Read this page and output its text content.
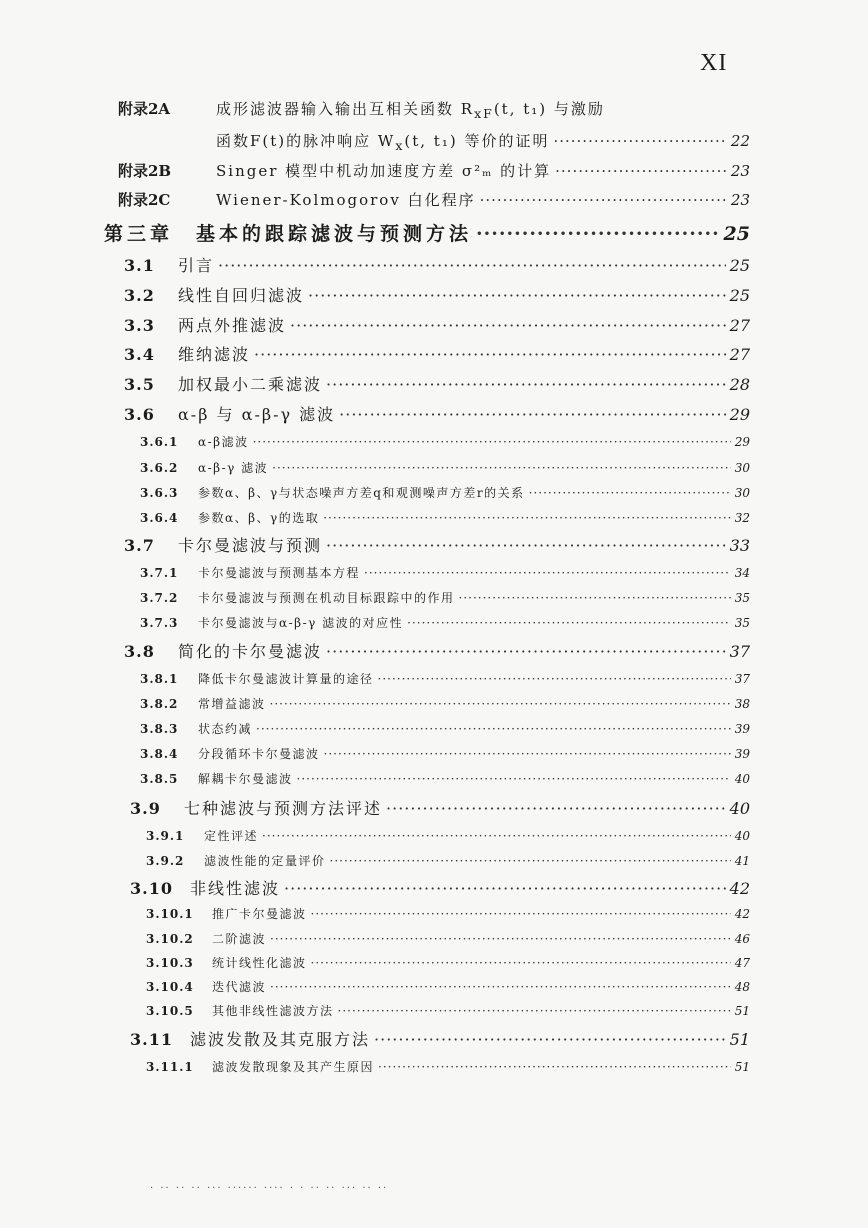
XI
附录2A	成形滤波器输入输出互相关函数 $R_{xF}(t$, t₁) 与激励
函数F(t)的脉冲响应 $W_x(t$, t₁) 等价的证明 ·····	22
附录2B	Singer 模型中机动加速度方差 σ²ₘ 的计算 ·····	23
附录2C	Wiener-Kolmogorov 白化程序 ·····	23
第三章　基本的跟踪滤波与预测方法 ·····	25
3.1	引言 ·····	25
3.2	线性自回归滤波 ·····	25
3.3	两点外推滤波 ·····	27
3.4	维纳滤波 ·····	27
3.5	加权最小二乘滤波 ·····	28
3.6	α-β 与 α-β-γ 滤波 ·····	29
3.6.1	α-β滤波 ·····	29
3.6.2	α-β-γ 滤波 ·····	30
3.6.3	参数α、β、γ与状态噪声方差q和观测噪声方差r的关系 ·····	30
3.6.4	参数α、β、γ的选取 ·····	32
3.7	卡尔曼滤波与预测 ·····	33
3.7.1	卡尔曼滤波与预测基本方程 ·····	34
3.7.2	卡尔曼滤波与预测在机动目标跟踪中的作用 ·····	35
3.7.3	卡尔曼滤波与α-β-γ 滤波的对应性 ·····	35
3.8	简化的卡尔曼滤波 ·····	37
3.8.1	降低卡尔曼滤波计算量的途径 ·····	37
3.8.2	常增益滤波 ·····	38
3.8.3	状态约减 ·····	39
3.8.4	分段循环卡尔曼滤波 ·····	39
3.8.5	解耦卡尔曼滤波 ·····	40
3.9	七种滤波与预测方法评述 ·····	40
3.9.1	定性评述 ·····	40
3.9.2	滤波性能的定量评价 ·····	41
3.10	非线性滤波 ·····	42
3.10.1	推广卡尔曼滤波 ·····	42
3.10.2	二阶滤波 ·····	46
3.10.3	统计线性化滤波 ·····	47
3.10.4	迭代滤波 ·····	48
3.10.5	其他非线性滤波方法 ·····	51
3.11	滤波发散及其克服方法 ·····	51
3.11.1	滤波发散现象及其产生原因 ·····	51
· ·· ·· ·· ··· ······ ···· · · ·· ·· ··· ·· ··
